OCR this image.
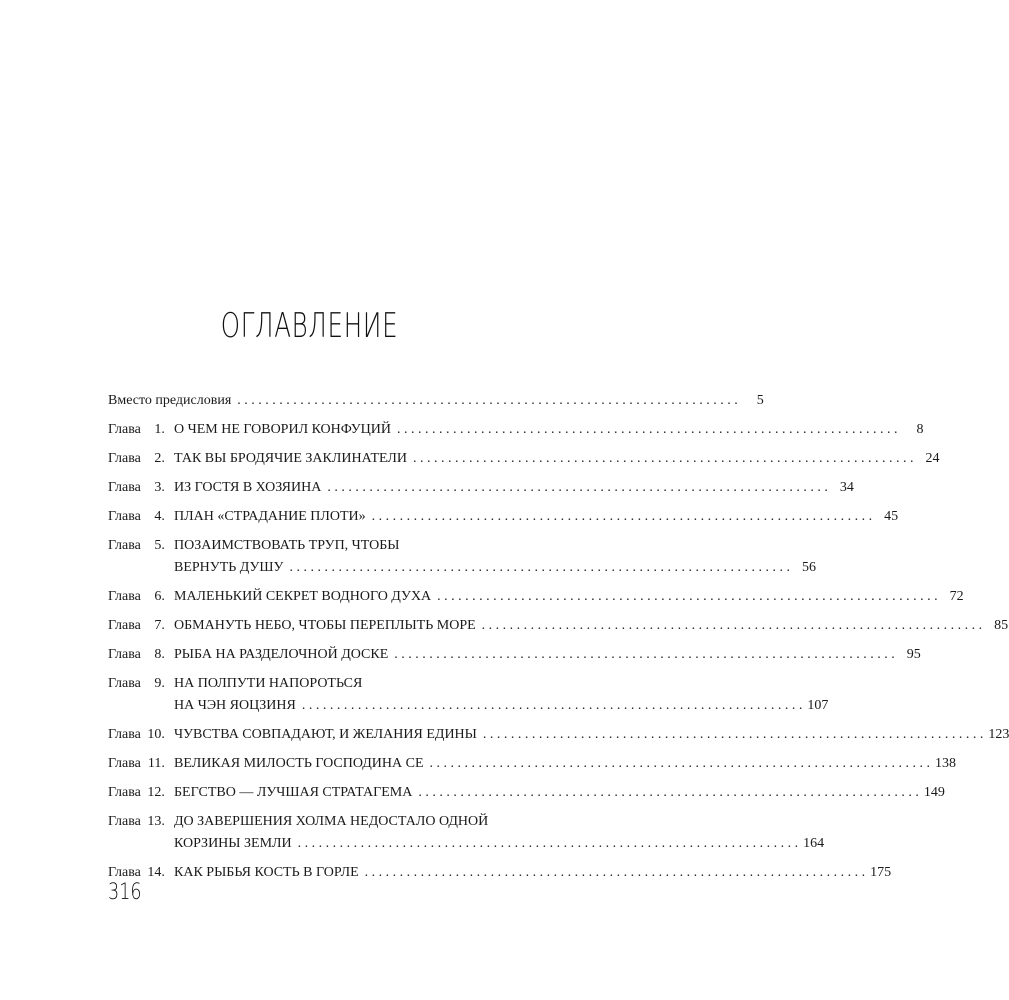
ОГЛАВЛЕНИЕ
Вместо предисловия . . .	5
Глава 1. О ЧЕМ НЕ ГОВОРИЛ КОНФУЦИЙ . . .	8
Глава 2. ТАК ВЫ БРОДЯЧИЕ ЗАКЛИНАТЕЛИ . . .	24
Глава 3. ИЗ ГОСТЯ В ХОЗЯИНА . . .	34
Глава 4. ПЛАН «СТРАДАНИЕ ПЛОТИ» . . .	45
Глава 5. ПОЗАИМСТВОВАТЬ ТРУП, ЧТОБЫ
ВЕРНУТЬ ДУШУ . . .	56
Глава 6. МАЛЕНЬКИЙ СЕКРЕТ ВОДНОГО ДУХА . . .	72
Глава 7. ОБМАНУТЬ НЕБО, ЧТОБЫ ПЕРЕПЛЫТЬ МОРЕ . . .	85
Глава 8. РЫБА НА РАЗДЕЛОЧНОЙ ДОСКЕ . . .	95
Глава 9. НА ПОЛПУТИ НАПОРОТЬСЯ
НА ЧЭН ЯОЦЗИНЯ . . .	107
Глава 10. ЧУВСТВА СОВПАДАЮТ, И ЖЕЛАНИЯ ЕДИНЫ . . .	123
Глава 11. ВЕЛИКАЯ МИЛОСТЬ ГОСПОДИНА СЕ . . .	138
Глава 12. БЕГСТВО — ЛУЧШАЯ СТРАТАГЕМА . . .	149
Глава 13. ДО ЗАВЕРШЕНИЯ ХОЛМА НЕДОСТАЛО ОДНОЙ
КОРЗИНЫ ЗЕМЛИ . . .	164
Глава 14. КАК РЫБЬЯ КОСТЬ В ГОРЛЕ . . .	175
316
